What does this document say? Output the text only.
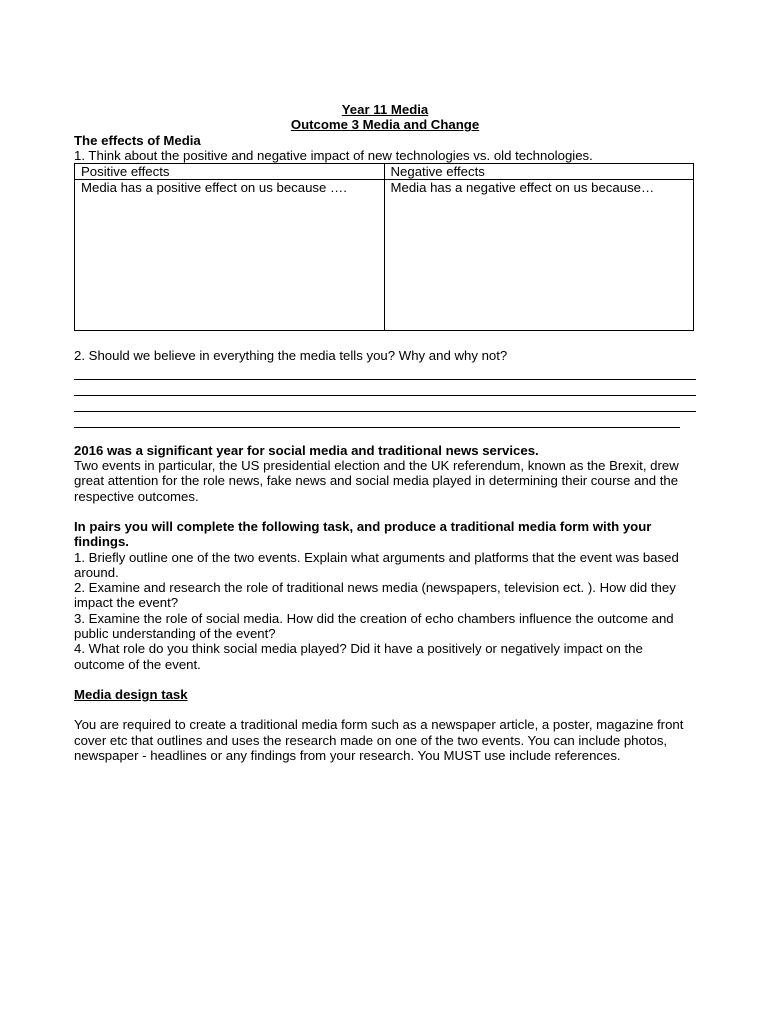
Year 11 Media

Outcome 3 Media and Change

The effects of Media

1. Think about the positive and negative impact of new technologies vs. old technologies.

Positive effects	Negative effects
Media has a positive effect on us because ….	Media has a negative effect on us because…

2. Should we believe in everything the media tells you? Why and why not?

2016 was a significant year for social media and traditional news services.

Two events in particular, the US presidential election and the UK referendum, known as the Brexit, drew great attention for the role news, fake news and social media played in determining their course and the respective outcomes.

In pairs you will complete the following task, and produce a traditional media form with your findings.

1. Briefly outline one of the two events. Explain what arguments and platforms that the event was based around.

2. Examine and research the role of traditional news media (newspapers, television ect. ). How did they impact the event?

3. Examine the role of social media. How did the creation of echo chambers influence the outcome and public understanding of the event?

4. What role do you think social media played? Did it have a positively or negatively impact on the outcome of the event.

Media design task

You are required to create a traditional media form such as a newspaper article, a poster, magazine front cover etc that outlines and uses the research made on one of the two events. You can include photos, newspaper - headlines or any findings from your research. You MUST use include references.
